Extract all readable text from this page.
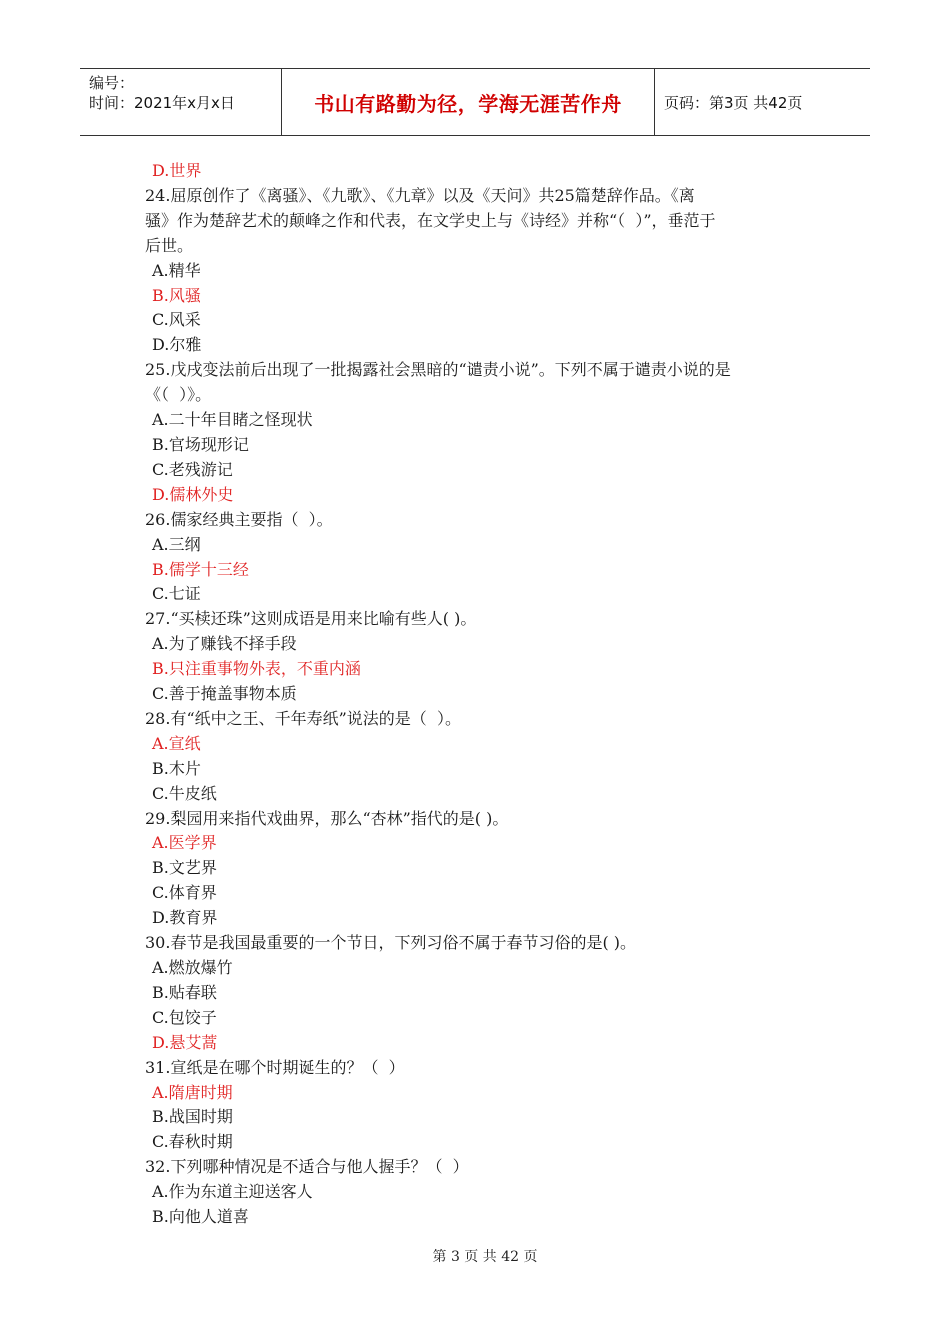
编号：
时间：2021年x月x日	书山有路勤为径，学海无涯苦作舟	页码：第3页 共42页
D.世界
24.屈原创作了《离骚》、《九歌》、《九章》以及《天问》共25篇楚辞作品。《离
骚》作为楚辞艺术的颠峰之作和代表，在文学史上与《诗经》并称“（  ）”，垂范于
后世。
A.精华
B.风骚
C.风采
D.尔雅
25.戊戌变法前后出现了一批揭露社会黑暗的“谴责小说”。下列不属于谴责小说的是
《（  ）》。
A.二十年目睹之怪现状
B.官场现形记
C.老残游记
D.儒林外史
26.儒家经典主要指（  ）。
A.三纲
B.儒学十三经
C.七证
27.“买椟还珠”这则成语是用来比喻有些人( )。
A.为了赚钱不择手段
B.只注重事物外表，不重内涵
C.善于掩盖事物本质
28.有“纸中之王、千年寿纸”说法的是（  ）。
A.宣纸
B.木片
C.牛皮纸
29.梨园用来指代戏曲界，那么“杏林”指代的是( )。
A.医学界
B.文艺界
C.体育界
D.教育界
30.春节是我国最重要的一个节日，下列习俗不属于春节习俗的是( )。
A.燃放爆竹
B.贴春联
C.包饺子
D.悬艾蒿
31.宣纸是在哪个时期诞生的？（  ）
A.隋唐时期
B.战国时期
C.春秋时期
32.下列哪种情况是不适合与他人握手？（  ）
A.作为东道主迎送客人
B.向他人道喜
第 3 页 共 42 页
